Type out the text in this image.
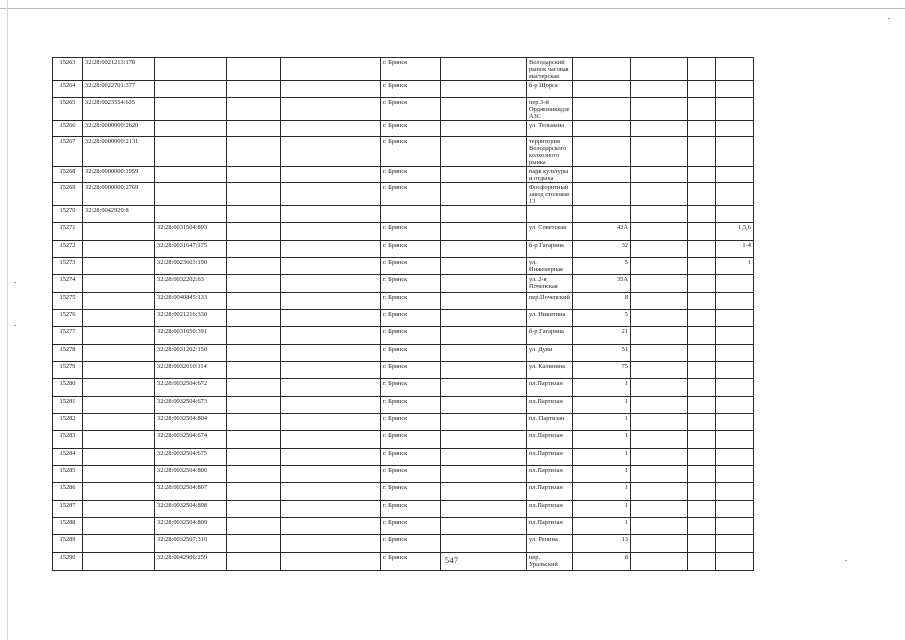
15263	32:28:0021213:178				г. Брянск		Володарский рынок часовая мастерская				
15264	32:28:0022701:377				г. Брянск		б-р Щорса				
15265	32:28:0023554:635				г. Брянск		пер.3-й Орджоникидзе АЗС				
15266	32:28:0000000:2620				г. Брянск		ул. Тельмана				
15267	32:28:0000000:2131				г. Брянск		территория Володарского колхозного рынка				
15268	32:28:0000000:1959				г. Брянск		парк культуры и отдыха				
15269	32:28:0000000:2769				г. Брянск		Фосфоритный завод столовая 13				
15270	32:28:0042920:8										
15271		32:28:0031504:893			г. Брянск		ул. Советская	43А			1,5,6
15272		32:28:0031647:175			г. Брянск		б-р Гагарина	32			1-4
15273		32:28:0023603:190			г. Брянск		ул. Инженерная	5			1
15274		32:28:0032202:63			г. Брянск		ул. 2-я Почепская	35А			
15275		32:28:0040845:133			г. Брянск		пер.Почепский	8			
15276		32:28:0021216:330			г. Брянск		ул. Никитина	5			
15277		32:28:0031650:391			г. Брянск		б-р Гагарина	21			
15278		32:28:0031202:150			г. Брянск		ул. Дуки	51			
15279		32:28:0032010:114			г. Брянск		ул. Калинина	75			
15280		32:28:0032504:672			г. Брянск		пл.Партизан	1			
15281		32:28:0032504:673			г. Брянск		пл.Партизан	1			
15282		32:28:0032504:804			г. Брянск		пл. Партизан	1			
15283		32:28:0032504:674			г. Брянск		пл.Партизан	1			
15284		32:28:0032504:675			г. Брянск		пл.Партизан	1			
15285		32:28:0032504:806			г. Брянск		пл.Партизан	1			
15286		32:28:0032504:807			г. Брянск		пл.Партизан	1			
15287		32:28:0032504:808			г. Брянск		пл.Партизан	1			
15288		32:28:0032504:809			г. Брянск		пл.Партизан	1			
15289		32:28:0032507:310			г. Брянск		ул. Репина	13			
15290		32:28:0042906:259			г. Брянск		пер. Уральский	8			
547
